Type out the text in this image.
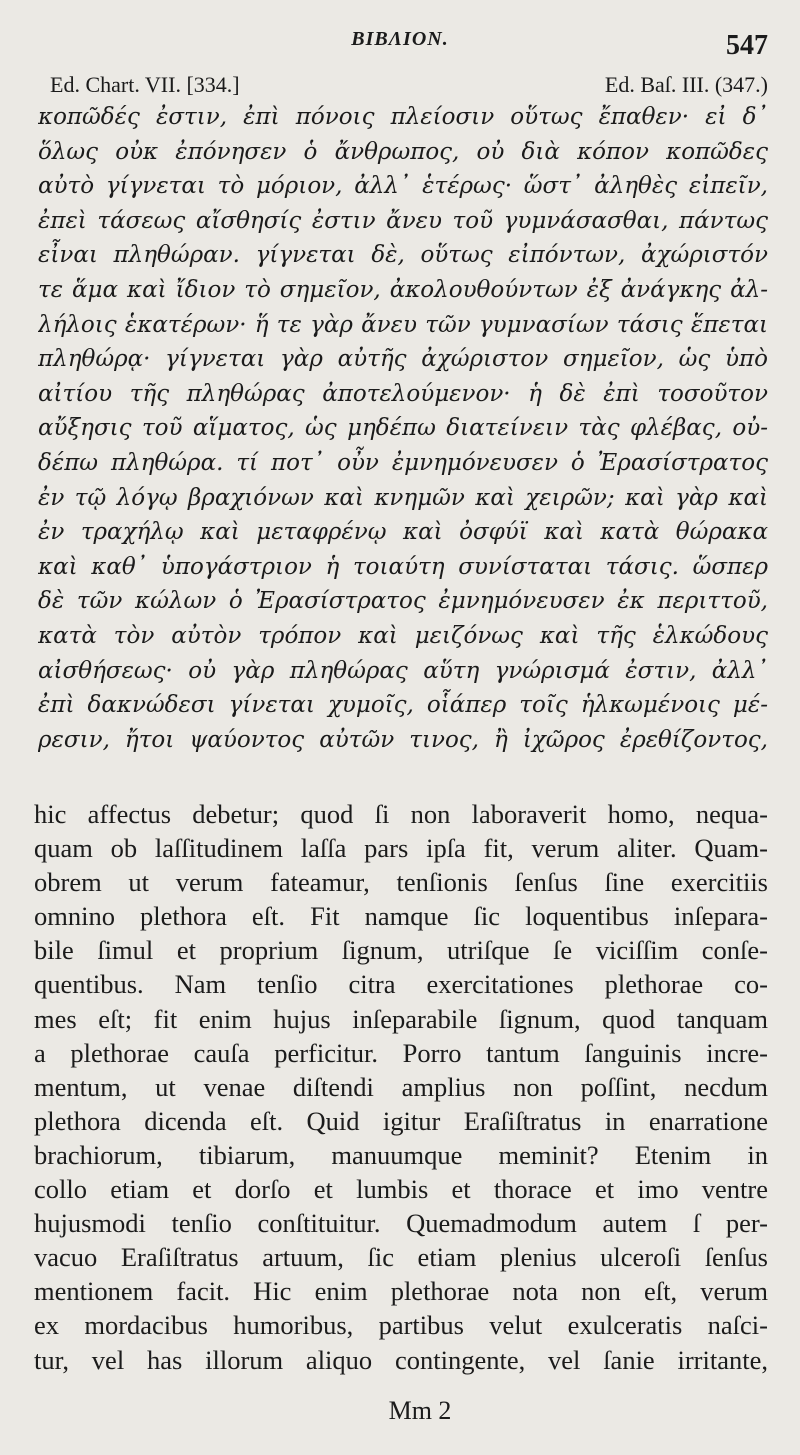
ΒΙΒΛΙΟΝ.	547
Ed. Chart. VII. [334.]	Ed. Baſ. III. (347.)
κοπῶδές ἐστιν, ἐπὶ πόνοις πλείοσιν οὕτως ἔπαθεν· εἰ δ᾽
ὅλως οὐκ ἐπόνησεν ὁ ἄνθρωπος, οὐ διὰ κόπον κοπῶδες
αὐτὸ γίγνεται τὸ μόριον, ἀλλ᾽ ἑτέρως· ὥστ᾽ ἀληθὲς εἰπεῖν,
ἐπεὶ τάσεως αἴσθησίς ἐστιν ἄνευ τοῦ γυμνάσασθαι, πάντως
εἶναι πληθώραν. γίγνεται δὲ, οὕτως εἰπόντων, ἀχώριστόν
τε ἅμα καὶ ἴδιον τὸ σημεῖον, ἀκολουθούντων ἐξ ἀνάγκης ἀλ-
λήλοις ἑκατέρων· ἥ τε γὰρ ἄνευ τῶν γυμνασίων τάσις ἕπεται
πληθώρᾳ· γίγνεται γὰρ αὐτῆς ἀχώριστον σημεῖον, ὡς ὑπὸ
αἰτίου τῆς πληθώρας ἀποτελούμενον· ἡ δὲ ἐπὶ τοσοῦτον
αὔξησις τοῦ αἵματος, ὡς μηδέπω διατείνειν τὰς φλέβας, οὐ-
δέπω πληθώρα. τί ποτ᾽ οὖν ἐμνημόνευσεν ὁ Ἐρασίστρατος
ἐν τῷ λόγῳ βραχιόνων καὶ κνημῶν καὶ χειρῶν; καὶ γὰρ καὶ
ἐν τραχήλῳ καὶ μεταφρένῳ καὶ ὀσφύϊ καὶ κατὰ θώρακα
καὶ καθ᾽ ὑπογάστριον ἡ τοιαύτη συνίσταται τάσις. ὥσπερ
δὲ τῶν κώλων ὁ Ἐρασίστρατος ἐμνημόνευσεν ἐκ περιττοῦ,
κατὰ τὸν αὐτὸν τρόπον καὶ μειζόνως καὶ τῆς ἑλκώδους
αἰσθήσεως· οὐ γὰρ πληθώρας αὕτη γνώρισμά ἐστιν, ἀλλ᾽
ἐπὶ δακνώδεσι γίνεται χυμοῖς, οἷάπερ τοῖς ἡλκωμένοις μέ-
ρεσιν, ἤτοι ψαύοντος αὐτῶν τινος, ἢ ἰχῶρος ἐρεθίζοντος,
hic affectus debetur; quod ſi non laboraverit homo, nequa-
quam ob laſſitudinem laſſa pars ipſa fit, verum aliter. Quam-
obrem ut verum fateamur, tenſionis ſenſus ſine exercitiis
omnino plethora eſt. Fit namque ſic loquentibus inſepara-
bile ſimul et proprium ſignum, utriſque ſe viciſſim conſe-
quentibus. Nam tenſio citra exercitationes plethorae co-
mes eſt; fit enim hujus inſeparabile ſignum, quod tanquam
a plethorae cauſa perficitur. Porro tantum ſanguinis incre-
mentum, ut venae diſtendi amplius non poſſint, necdum
plethora dicenda eſt. Quid igitur Eraſiſtratus in enarratione
brachiorum, tibiarum, manuumque meminit? Etenim in
collo etiam et dorſo et lumbis et thorace et imo ventre
hujusmodi tenſio conſtituitur. Quemadmodum autem ſ per-
vacuo Eraſiſtratus artuum, ſic etiam plenius ulceroſi ſenſus
mentionem facit. Hic enim plethorae nota non eſt, verum
ex mordacibus humoribus, partibus velut exulceratis naſci-
tur, vel has illorum aliquo contingente, vel ſanie irritante,
Mm 2
